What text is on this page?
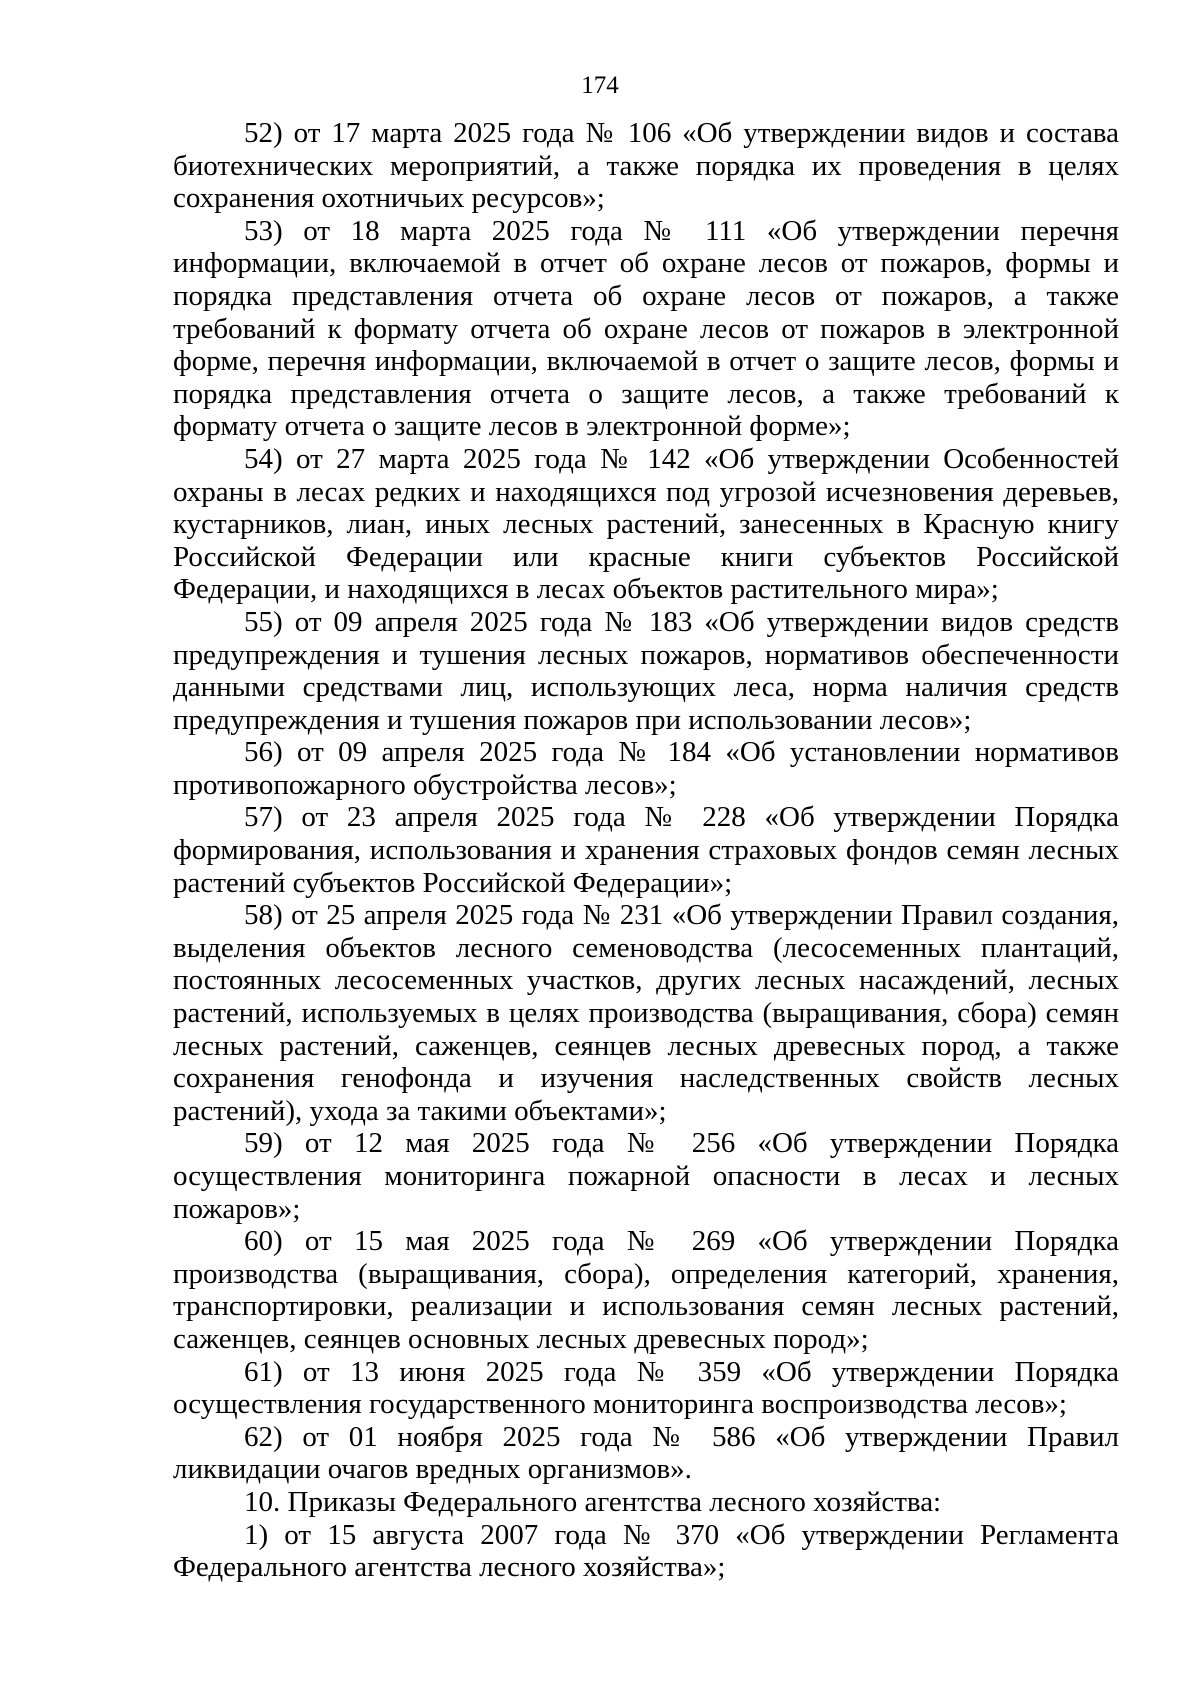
174

52) от 17 марта 2025 года № 106 «Об утверждении видов и состава биотехнических мероприятий, а также порядка их проведения в целях сохранения охотничьих ресурсов»;

53) от 18 марта 2025 года № 111 «Об утверждении перечня информации, включаемой в отчет об охране лесов от пожаров, формы и порядка представления отчета об охране лесов от пожаров, а также требований к формату отчета об охране лесов от пожаров в электронной форме, перечня информации, включаемой в отчет о защите лесов, формы и порядка представления отчета о защите лесов, а также требований к формату отчета о защите лесов в электронной форме»;

54) от 27 марта 2025 года № 142 «Об утверждении Особенностей охраны в лесах редких и находящихся под угрозой исчезновения деревьев, кустарников, лиан, иных лесных растений, занесенных в Красную книгу Российской Федерации или красные книги субъектов Российской Федерации, и находящихся в лесах объектов растительного мира»;

55) от 09 апреля 2025 года № 183 «Об утверждении видов средств предупреждения и тушения лесных пожаров, нормативов обеспеченности данными средствами лиц, использующих леса, норма наличия средств предупреждения и тушения пожаров при использовании лесов»;

56) от 09 апреля 2025 года № 184 «Об установлении нормативов противопожарного обустройства лесов»;

57) от 23 апреля 2025 года № 228 «Об утверждении Порядка формирования, использования и хранения страховых фондов семян лесных растений субъектов Российской Федерации»;

58) от 25 апреля 2025 года № 231 «Об утверждении Правил создания, выделения объектов лесного семеноводства (лесосеменных плантаций, постоянных лесосеменных участков, других лесных насаждений, лесных растений, используемых в целях производства (выращивания, сбора) семян лесных растений, саженцев, сеянцев лесных древесных пород, а также сохранения генофонда и изучения наследственных свойств лесных растений), ухода за такими объектами»;

59) от 12 мая 2025 года № 256 «Об утверждении Порядка осуществления мониторинга пожарной опасности в лесах и лесных пожаров»;

60) от 15 мая 2025 года № 269 «Об утверждении Порядка производства (выращивания, сбора), определения категорий, хранения, транспортировки, реализации и использования семян лесных растений, саженцев, сеянцев основных лесных древесных пород»;

61) от 13 июня 2025 года № 359 «Об утверждении Порядка осуществления государственного мониторинга воспроизводства лесов»;

62) от 01 ноября 2025 года № 586 «Об утверждении Правил ликвидации очагов вредных организмов».

10. Приказы Федерального агентства лесного хозяйства:

1) от 15 августа 2007 года № 370 «Об утверждении Регламента Федерального агентства лесного хозяйства»;
